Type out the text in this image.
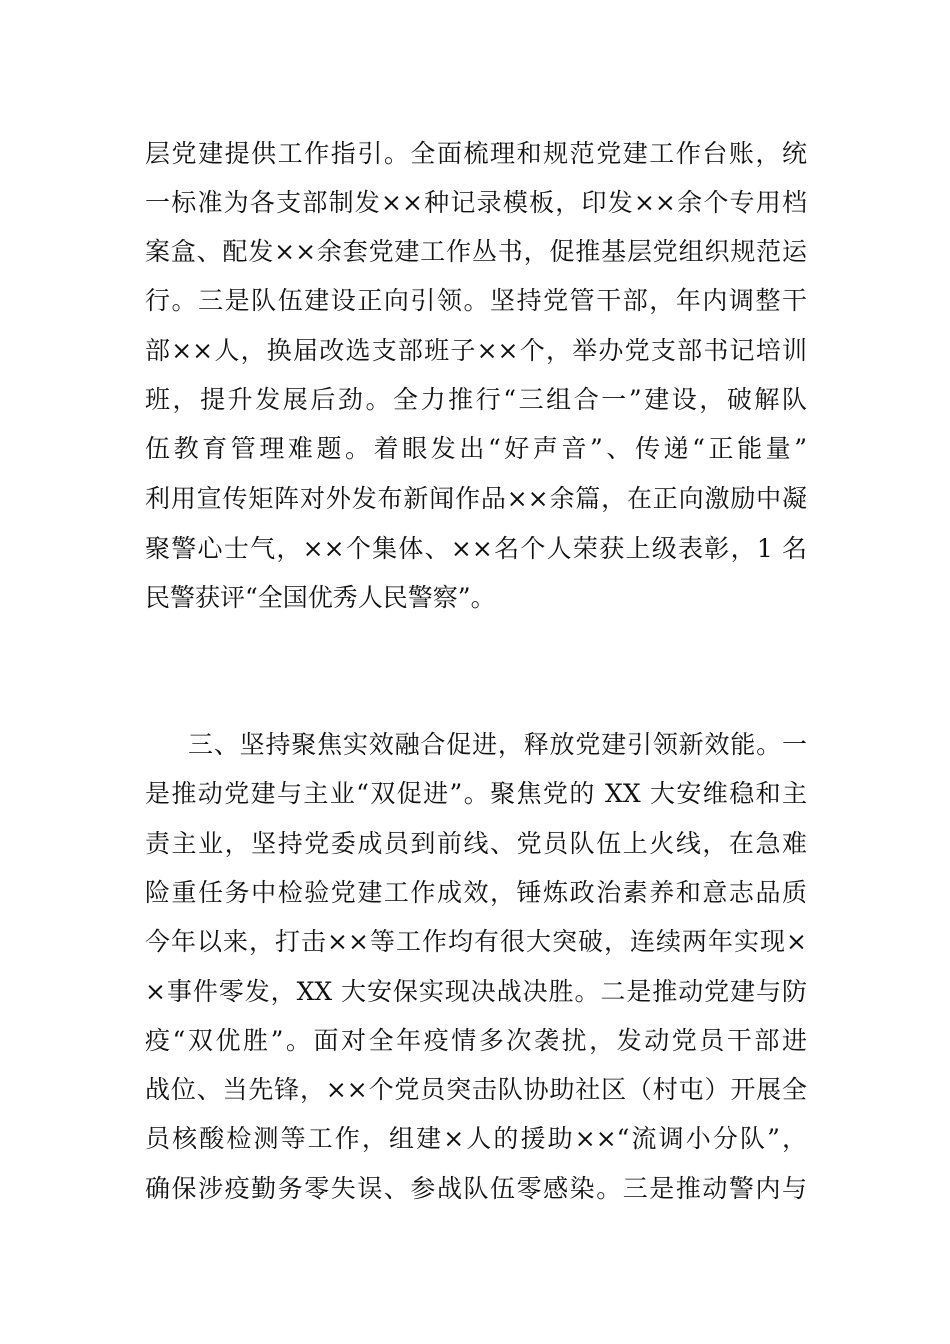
层党建提供工作指引。全面梳理和规范党建工作台账，统
一标准为各支部制发××种记录模板，印发××余个专用档
案盒、配发××余套党建工作丛书，促推基层党组织规范运
行。三是队伍建设正向引领。坚持党管干部，年内调整干
部××人，换届改选支部班子××个，举办党支部书记培训
班，提升发展后劲。全力推行“三组合一”建设，破解队
伍教育管理难题。着眼发出“好声音”、传递“正能量”
利用宣传矩阵对外发布新闻作品××余篇，在正向激励中凝
聚警心士气，××个集体、××名个人荣获上级表彰，1 名
民警获评“全国优秀人民警察”。
三、坚持聚焦实效融合促进，释放党建引领新效能。一
是推动党建与主业“双促进”。聚焦党的 XX 大安维稳和主
责主业，坚持党委成员到前线、党员队伍上火线，在急难
险重任务中检验党建工作成效，锤炼政治素养和意志品质
今年以来，打击××等工作均有很大突破，连续两年实现×
×事件零发，XX 大安保实现决战决胜。二是推动党建与防
疫“双优胜”。面对全年疫情多次袭扰，发动党员干部进
战位、当先锋，××个党员突击队协助社区（村屯）开展全
员核酸检测等工作，组建×人的援助××“流调小分队”，
确保涉疫勤务零失误、参战队伍零感染。三是推动警内与
